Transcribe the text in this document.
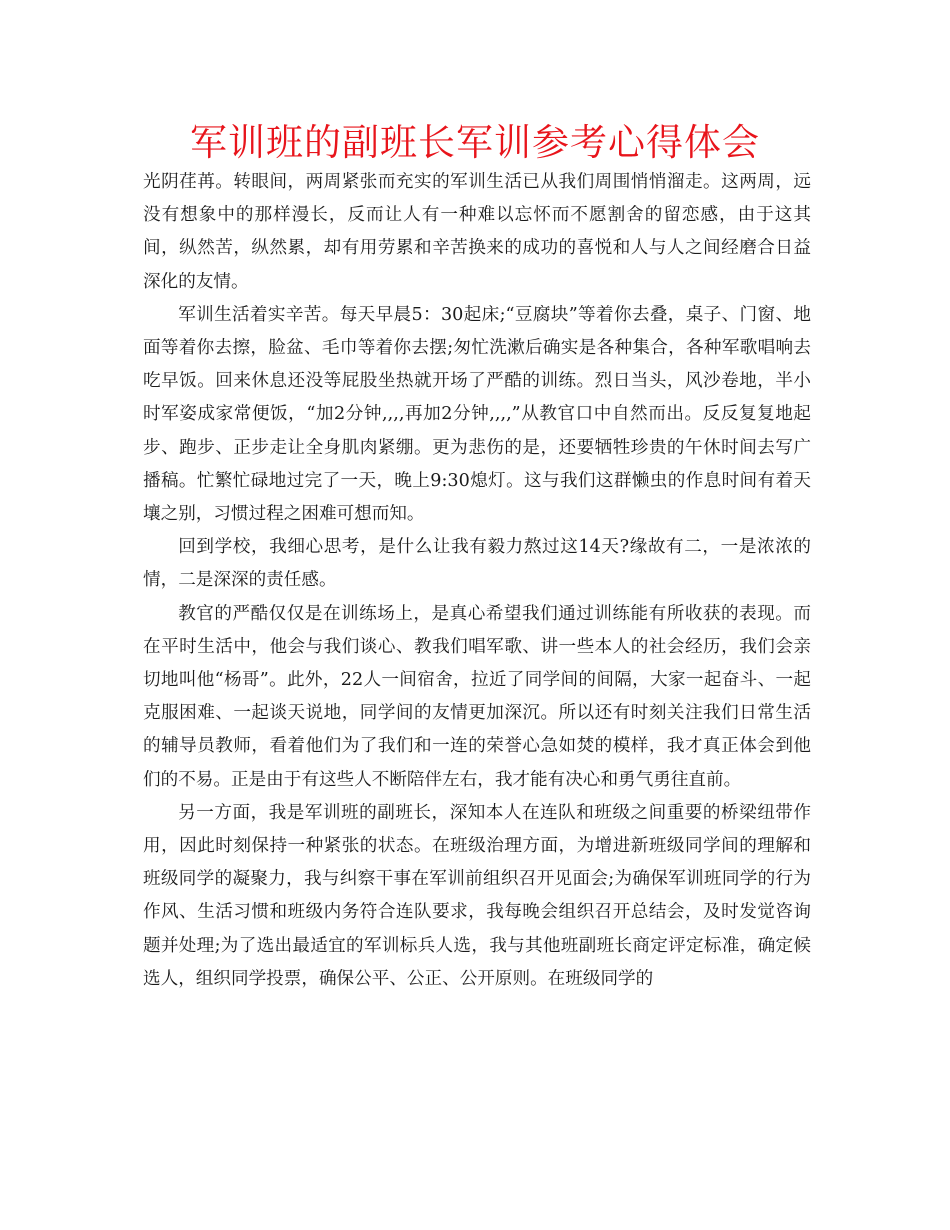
军训班的副班长军训参考心得体会

光阴荏苒。转眼间，两周紧张而充实的军训生活已从我们周围悄悄溜走。这两周，远没有想象中的那样漫长，反而让人有一种难以忘怀而不愿割舍的留恋感，由于这其间，纵然苦，纵然累，却有用劳累和辛苦换来的成功的喜悦和人与人之间经磨合日益深化的友情。

军训生活着实辛苦。每天早晨5：30起床;“豆腐块”等着你去叠，桌子、门窗、地面等着你去擦，脸盆、毛巾等着你去摆;匆忙洗漱后确实是各种集合，各种军歌唱响去吃早饭。回来休息还没等屁股坐热就开场了严酷的训练。烈日当头，风沙卷地，半小时军姿成家常便饭，“加2分钟,,,,再加2分钟,,,,”从教官口中自然而出。反反复复地起步、跑步、正步走让全身肌肉紧绷。更为悲伤的是，还要牺牲珍贵的午休时间去写广播稿。忙繁忙碌地过完了一天，晚上9:30熄灯。这与我们这群懒虫的作息时间有着天壤之别，习惯过程之困难可想而知。

回到学校，我细心思考，是什么让我有毅力熬过这14天?缘故有二，一是浓浓的情，二是深深的责任感。

教官的严酷仅仅是在训练场上，是真心希望我们通过训练能有所收获的表现。而在平时生活中，他会与我们谈心、教我们唱军歌、讲一些本人的社会经历，我们会亲切地叫他“杨哥”。此外，22人一间宿舍，拉近了同学间的间隔，大家一起奋斗、一起克服困难、一起谈天说地，同学间的友情更加深沉。所以还有时刻关注我们日常生活的辅导员教师，看着他们为了我们和一连的荣誉心急如焚的模样，我才真正体会到他们的不易。正是由于有这些人不断陪伴左右，我才能有决心和勇气勇往直前。

另一方面，我是军训班的副班长，深知本人在连队和班级之间重要的桥梁纽带作用，因此时刻保持一种紧张的状态。在班级治理方面，为增进新班级同学间的理解和班级同学的凝聚力，我与纠察干事在军训前组织召开见面会;为确保军训班同学的行为作风、生活习惯和班级内务符合连队要求，我每晚会组织召开总结会，及时发觉咨询题并处理;为了选出最适宜的军训标兵人选，我与其他班副班长商定评定标准，确定候选人，组织同学投票，确保公平、公正、公开原则。在班级同学的
